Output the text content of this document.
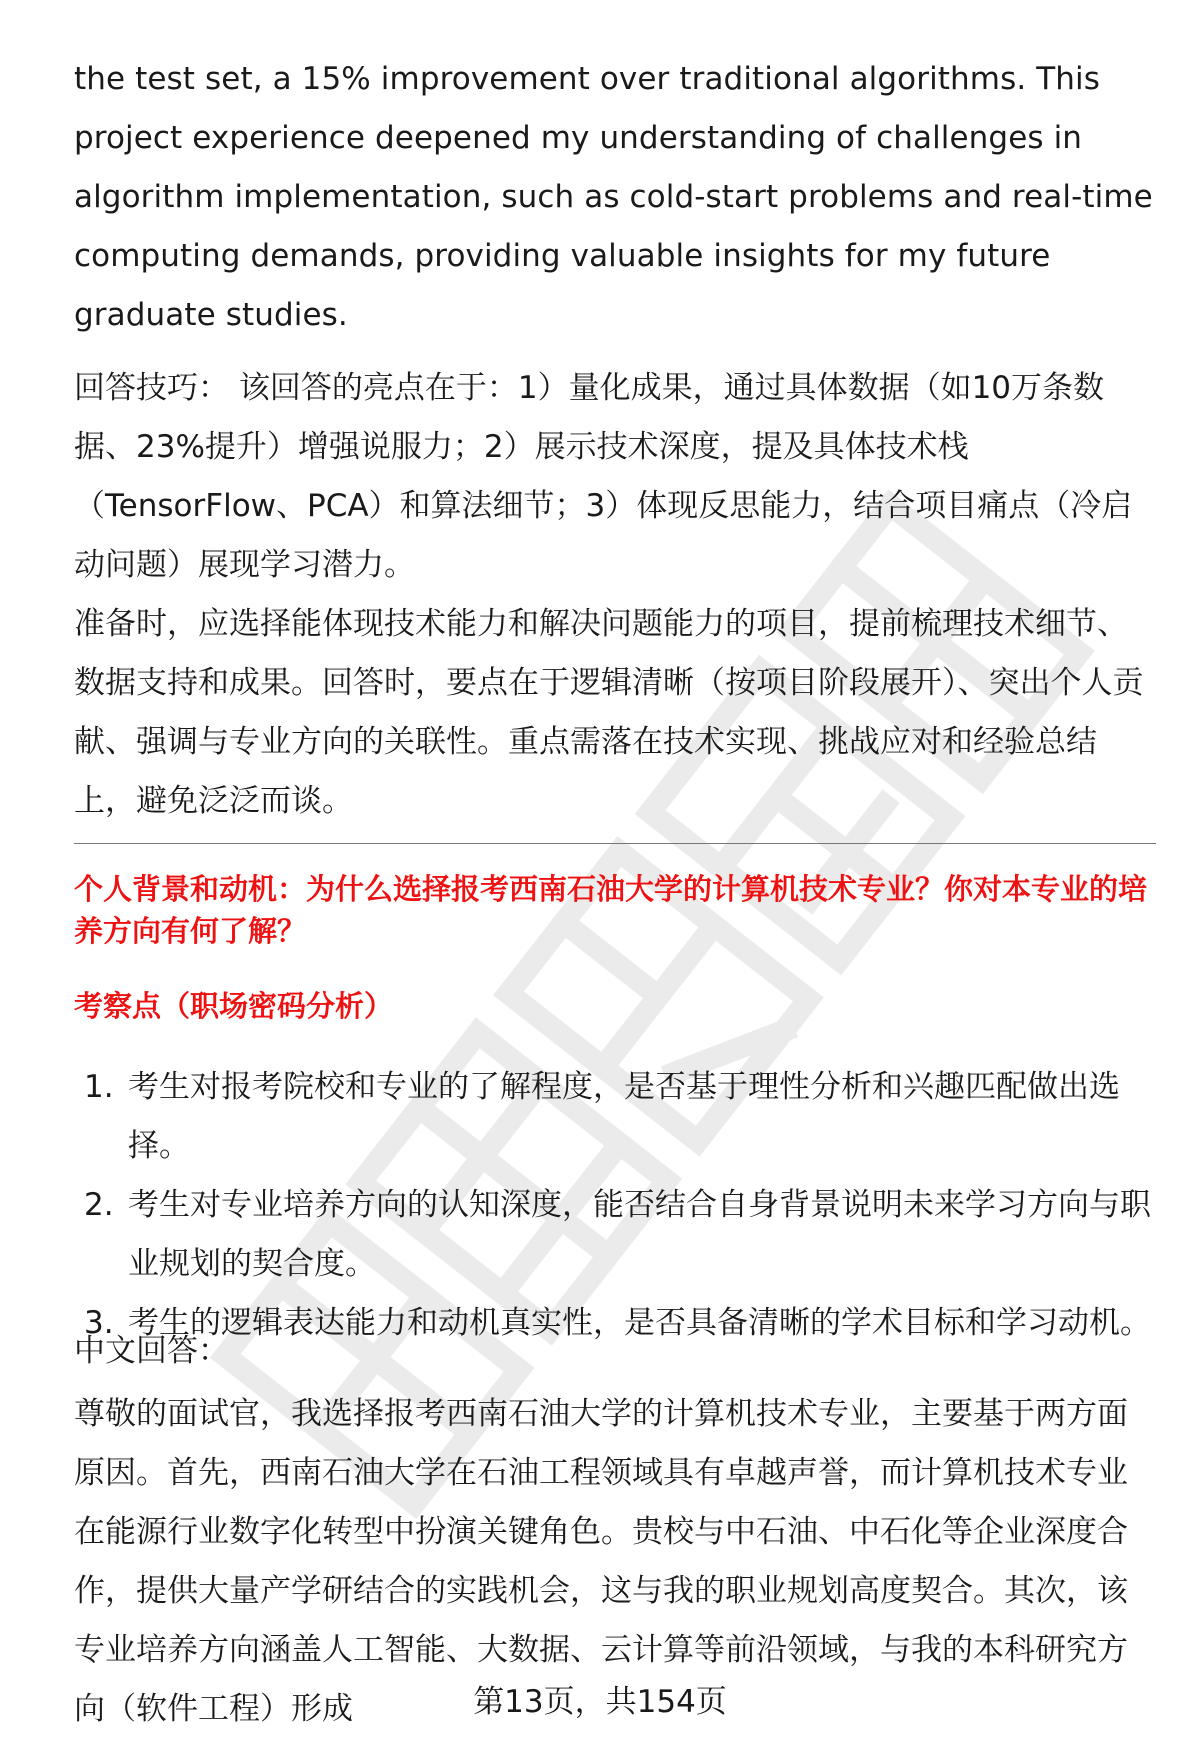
the test set, a 15% improvement over traditional algorithms. This project experience deepened my understanding of challenges in algorithm implementation, such as cold-start problems and real-time computing demands, providing valuable insights for my future graduate studies.

回答技巧： 该回答的亮点在于：1）量化成果，通过具体数据（如10万条数据、23%提升）增强说服力；2）展示技术深度，提及具体技术栈（TensorFlow、PCA）和算法细节；3）体现反思能力，结合项目痛点（冷启动问题）展现学习潜力。

准备时，应选择能体现技术能力和解决问题能力的项目，提前梳理技术细节、数据支持和成果。回答时，要点在于逻辑清晰（按项目阶段展开）、突出个人贡献、强调与专业方向的关联性。重点需落在技术实现、挑战应对和经验总结上，避免泛泛而谈。

个人背景和动机：为什么选择报考西南石油大学的计算机技术专业？你对本专业的培养方向有何了解？

考察点（职场密码分析）

1. 考生对报考院校和专业的了解程度，是否基于理性分析和兴趣匹配做出选择。
2. 考生对专业培养方向的认知深度，能否结合自身背景说明未来学习方向与职业规划的契合度。
3. 考生的逻辑表达能力和动机真实性，是否具备清晰的学术目标和学习动机。

中文回答：

尊敬的面试官，我选择报考西南石油大学的计算机技术专业，主要基于两方面原因。首先，西南石油大学在石油工程领域具有卓越声誉，而计算机技术专业在能源行业数字化转型中扮演关键角色。贵校与中石油、中石化等企业深度合作，提供大量产学研结合的实践机会，这与我的职业规划高度契合。其次，该专业培养方向涵盖人工智能、大数据、云计算等前沿领域，与我的本科研究方向（软件工程）形成	第13页，共154页
